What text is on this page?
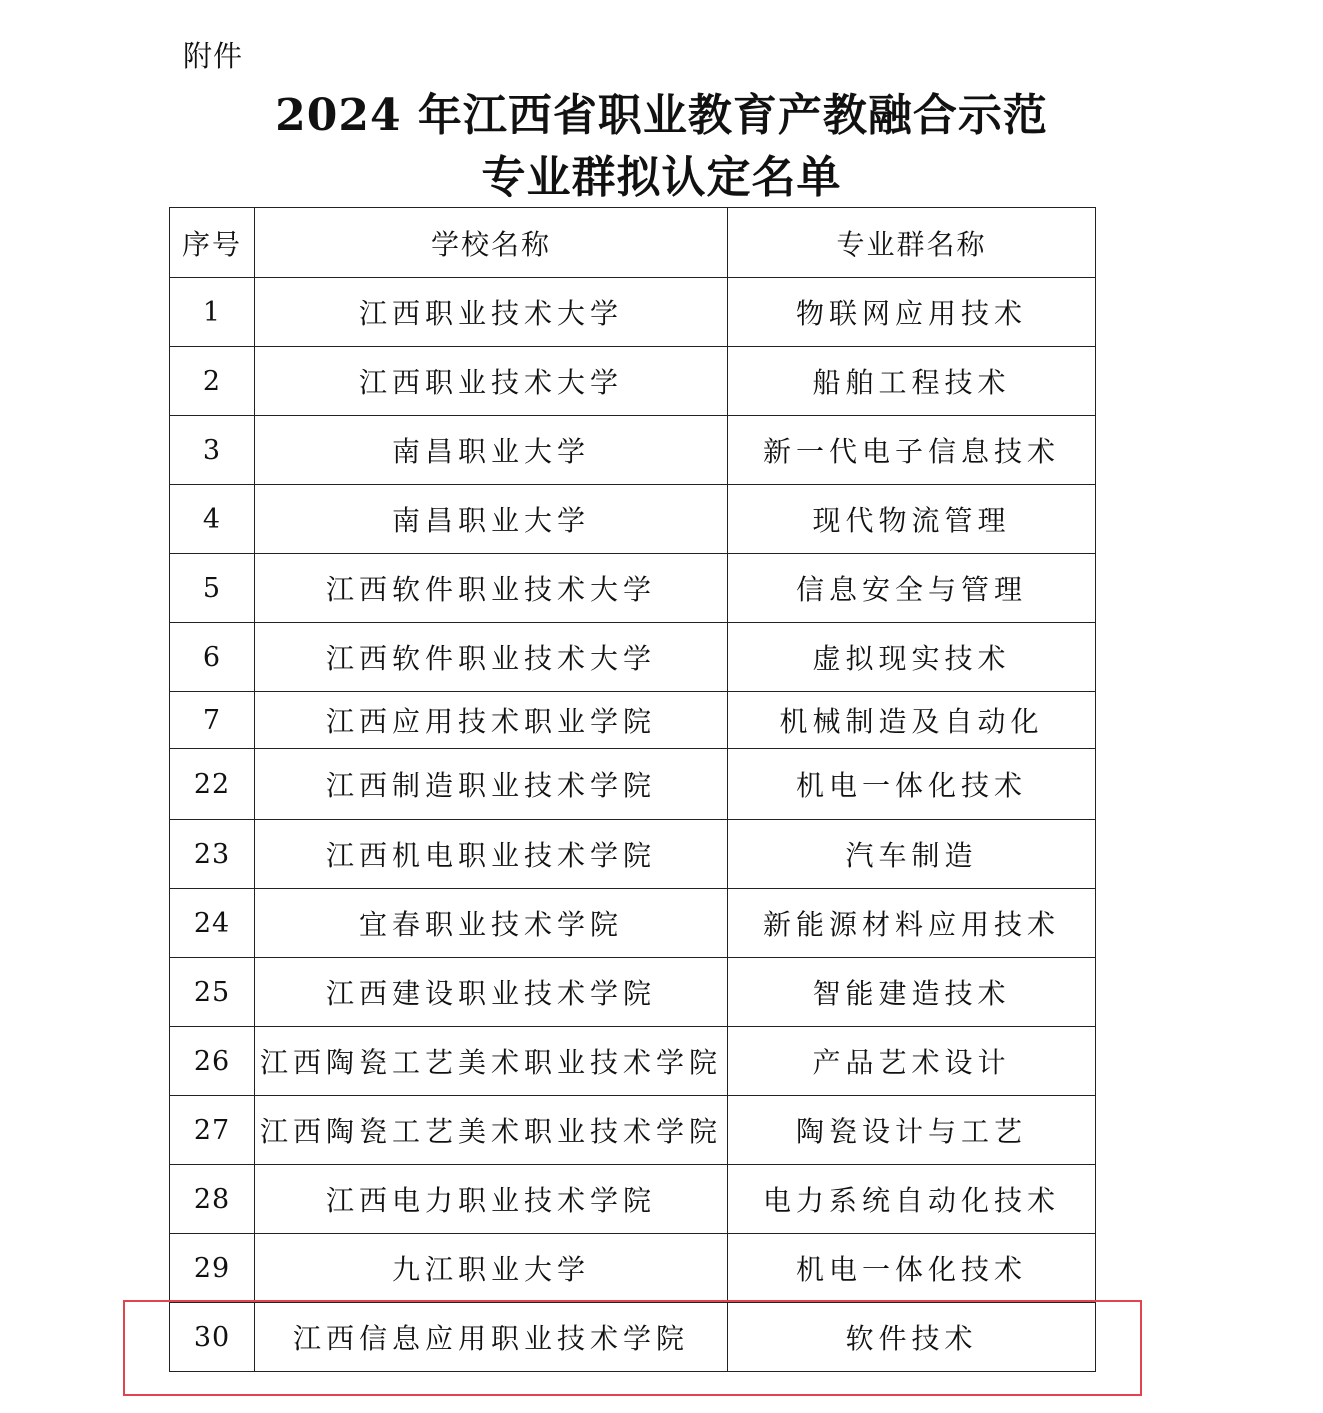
附件
2024 年江西省职业教育产教融合示范
专业群拟认定名单
序号	学校名称	专业群名称
1	江西职业技术大学	物联网应用技术
2	江西职业技术大学	船舶工程技术
3	南昌职业大学	新一代电子信息技术
4	南昌职业大学	现代物流管理
5	江西软件职业技术大学	信息安全与管理
6	江西软件职业技术大学	虚拟现实技术
7	江西应用技术职业学院	机械制造及自动化
22	江西制造职业技术学院	机电一体化技术
23	江西机电职业技术学院	汽车制造
24	宜春职业技术学院	新能源材料应用技术
25	江西建设职业技术学院	智能建造技术
26	江西陶瓷工艺美术职业技术学院	产品艺术设计
27	江西陶瓷工艺美术职业技术学院	陶瓷设计与工艺
28	江西电力职业技术学院	电力系统自动化技术
29	九江职业大学	机电一体化技术
30	江西信息应用职业技术学院	软件技术
